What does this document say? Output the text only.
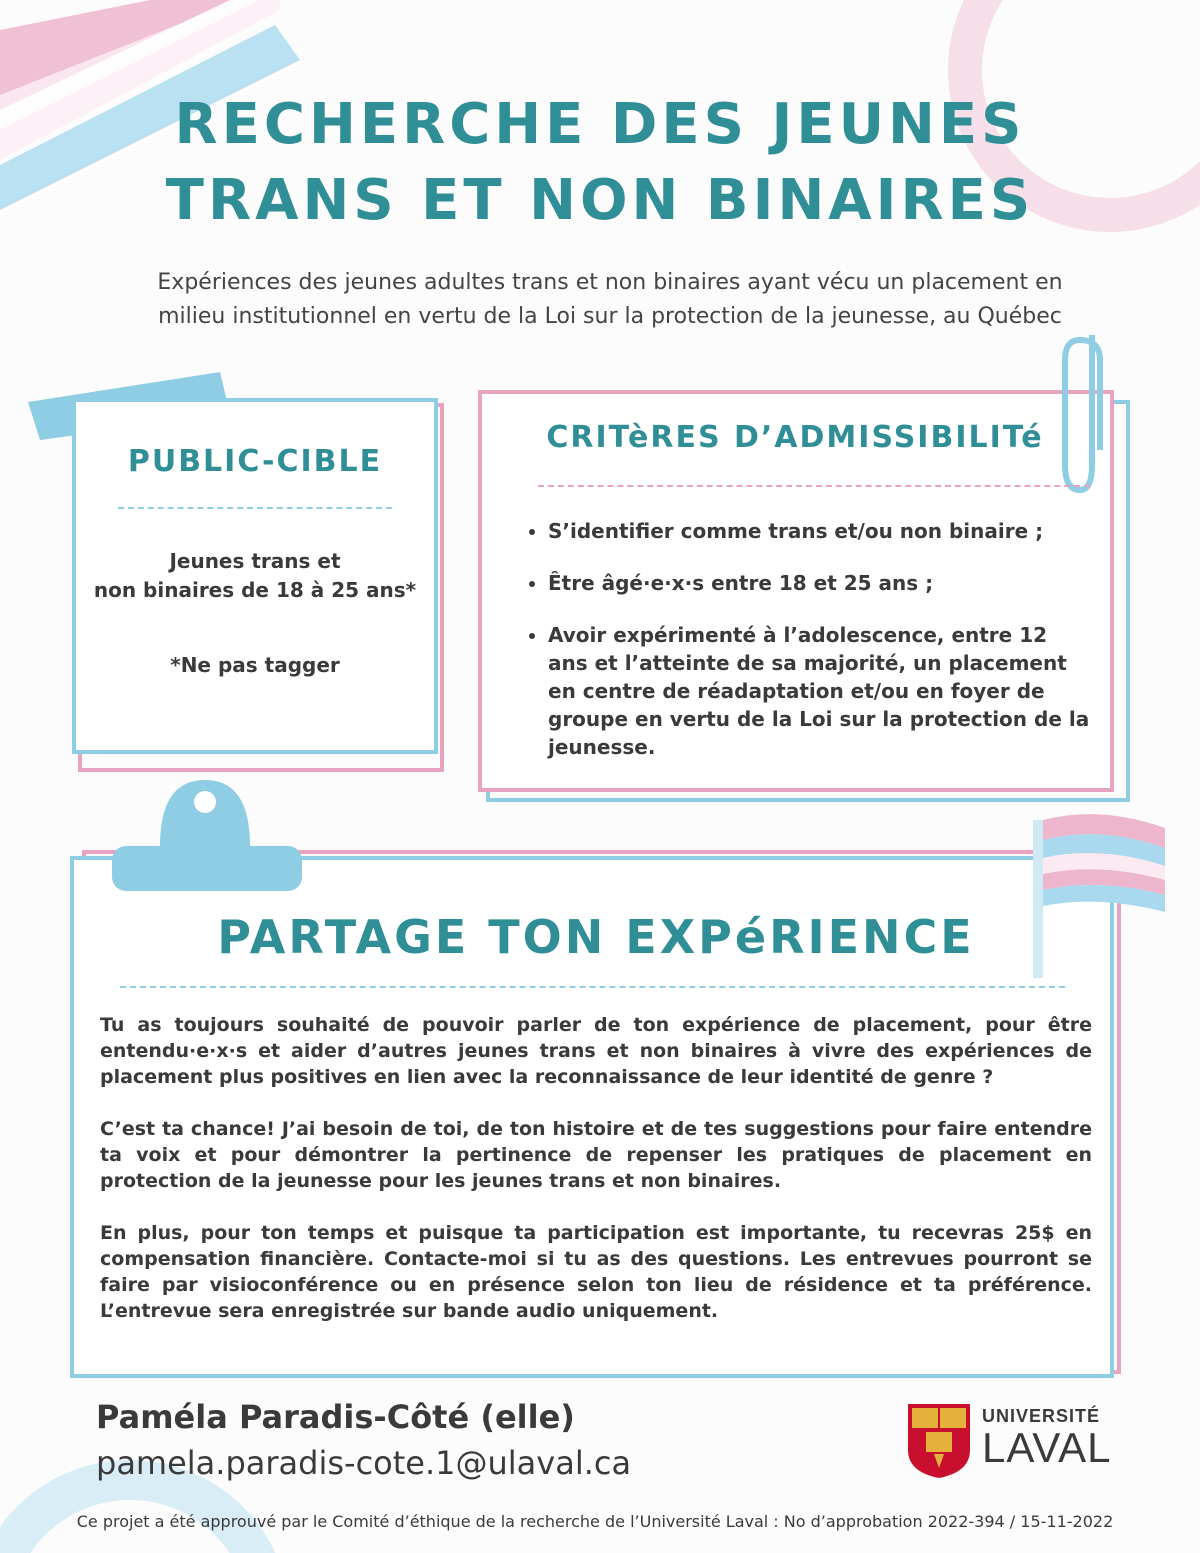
RECHERCHE DES JEUNES
TRANS ET NON BINAIRES
Expériences des jeunes adultes trans et non binaires ayant vécu un placement en
milieu institutionnel en vertu de la Loi sur la protection de la jeunesse, au Québec
PUBLIC-CIBLE
Jeunes trans et
non binaires de 18 à 25 ans*
*Ne pas tagger
CRITèRES D’ADMISSIBILITé
• S’identifier comme trans et/ou non binaire ;
• Être âgé·e·x·s entre 18 et 25 ans ;
• Avoir expérimenté à l’adolescence, entre 12 ans et l’atteinte de sa majorité, un placement en centre de réadaptation et/ou en foyer de groupe en vertu de la Loi sur la protection de la jeunesse.
PARTAGE TON EXPéRIENCE

Tu as toujours souhaité de pouvoir parler de ton expérience de placement, pour être entendu·e·x·s et aider d’autres jeunes trans et non binaires à vivre des expériences de placement plus positives en lien avec la reconnaissance de leur identité de genre ?

C’est ta chance! J’ai besoin de toi, de ton histoire et de tes suggestions pour faire entendre ta voix et pour démontrer la pertinence de repenser les pratiques de placement en protection de la jeunesse pour les jeunes trans et non binaires.

En plus, pour ton temps et puisque ta participation est importante, tu recevras 25$ en compensation financière. Contacte-moi si tu as des questions. Les entrevues pourront se faire par visioconférence ou en présence selon ton lieu de résidence et ta préférence. L’entrevue sera enregistrée sur bande audio uniquement.

Paméla Paradis-Côté (elle)
pamela.paradis-cote.1@ulaval.ca
UNIVERSITÉ
LAVAL
Ce projet a été approuvé par le Comité d’éthique de la recherche de l’Université Laval : No d’approbation 2022-394 / 15-11-2022
